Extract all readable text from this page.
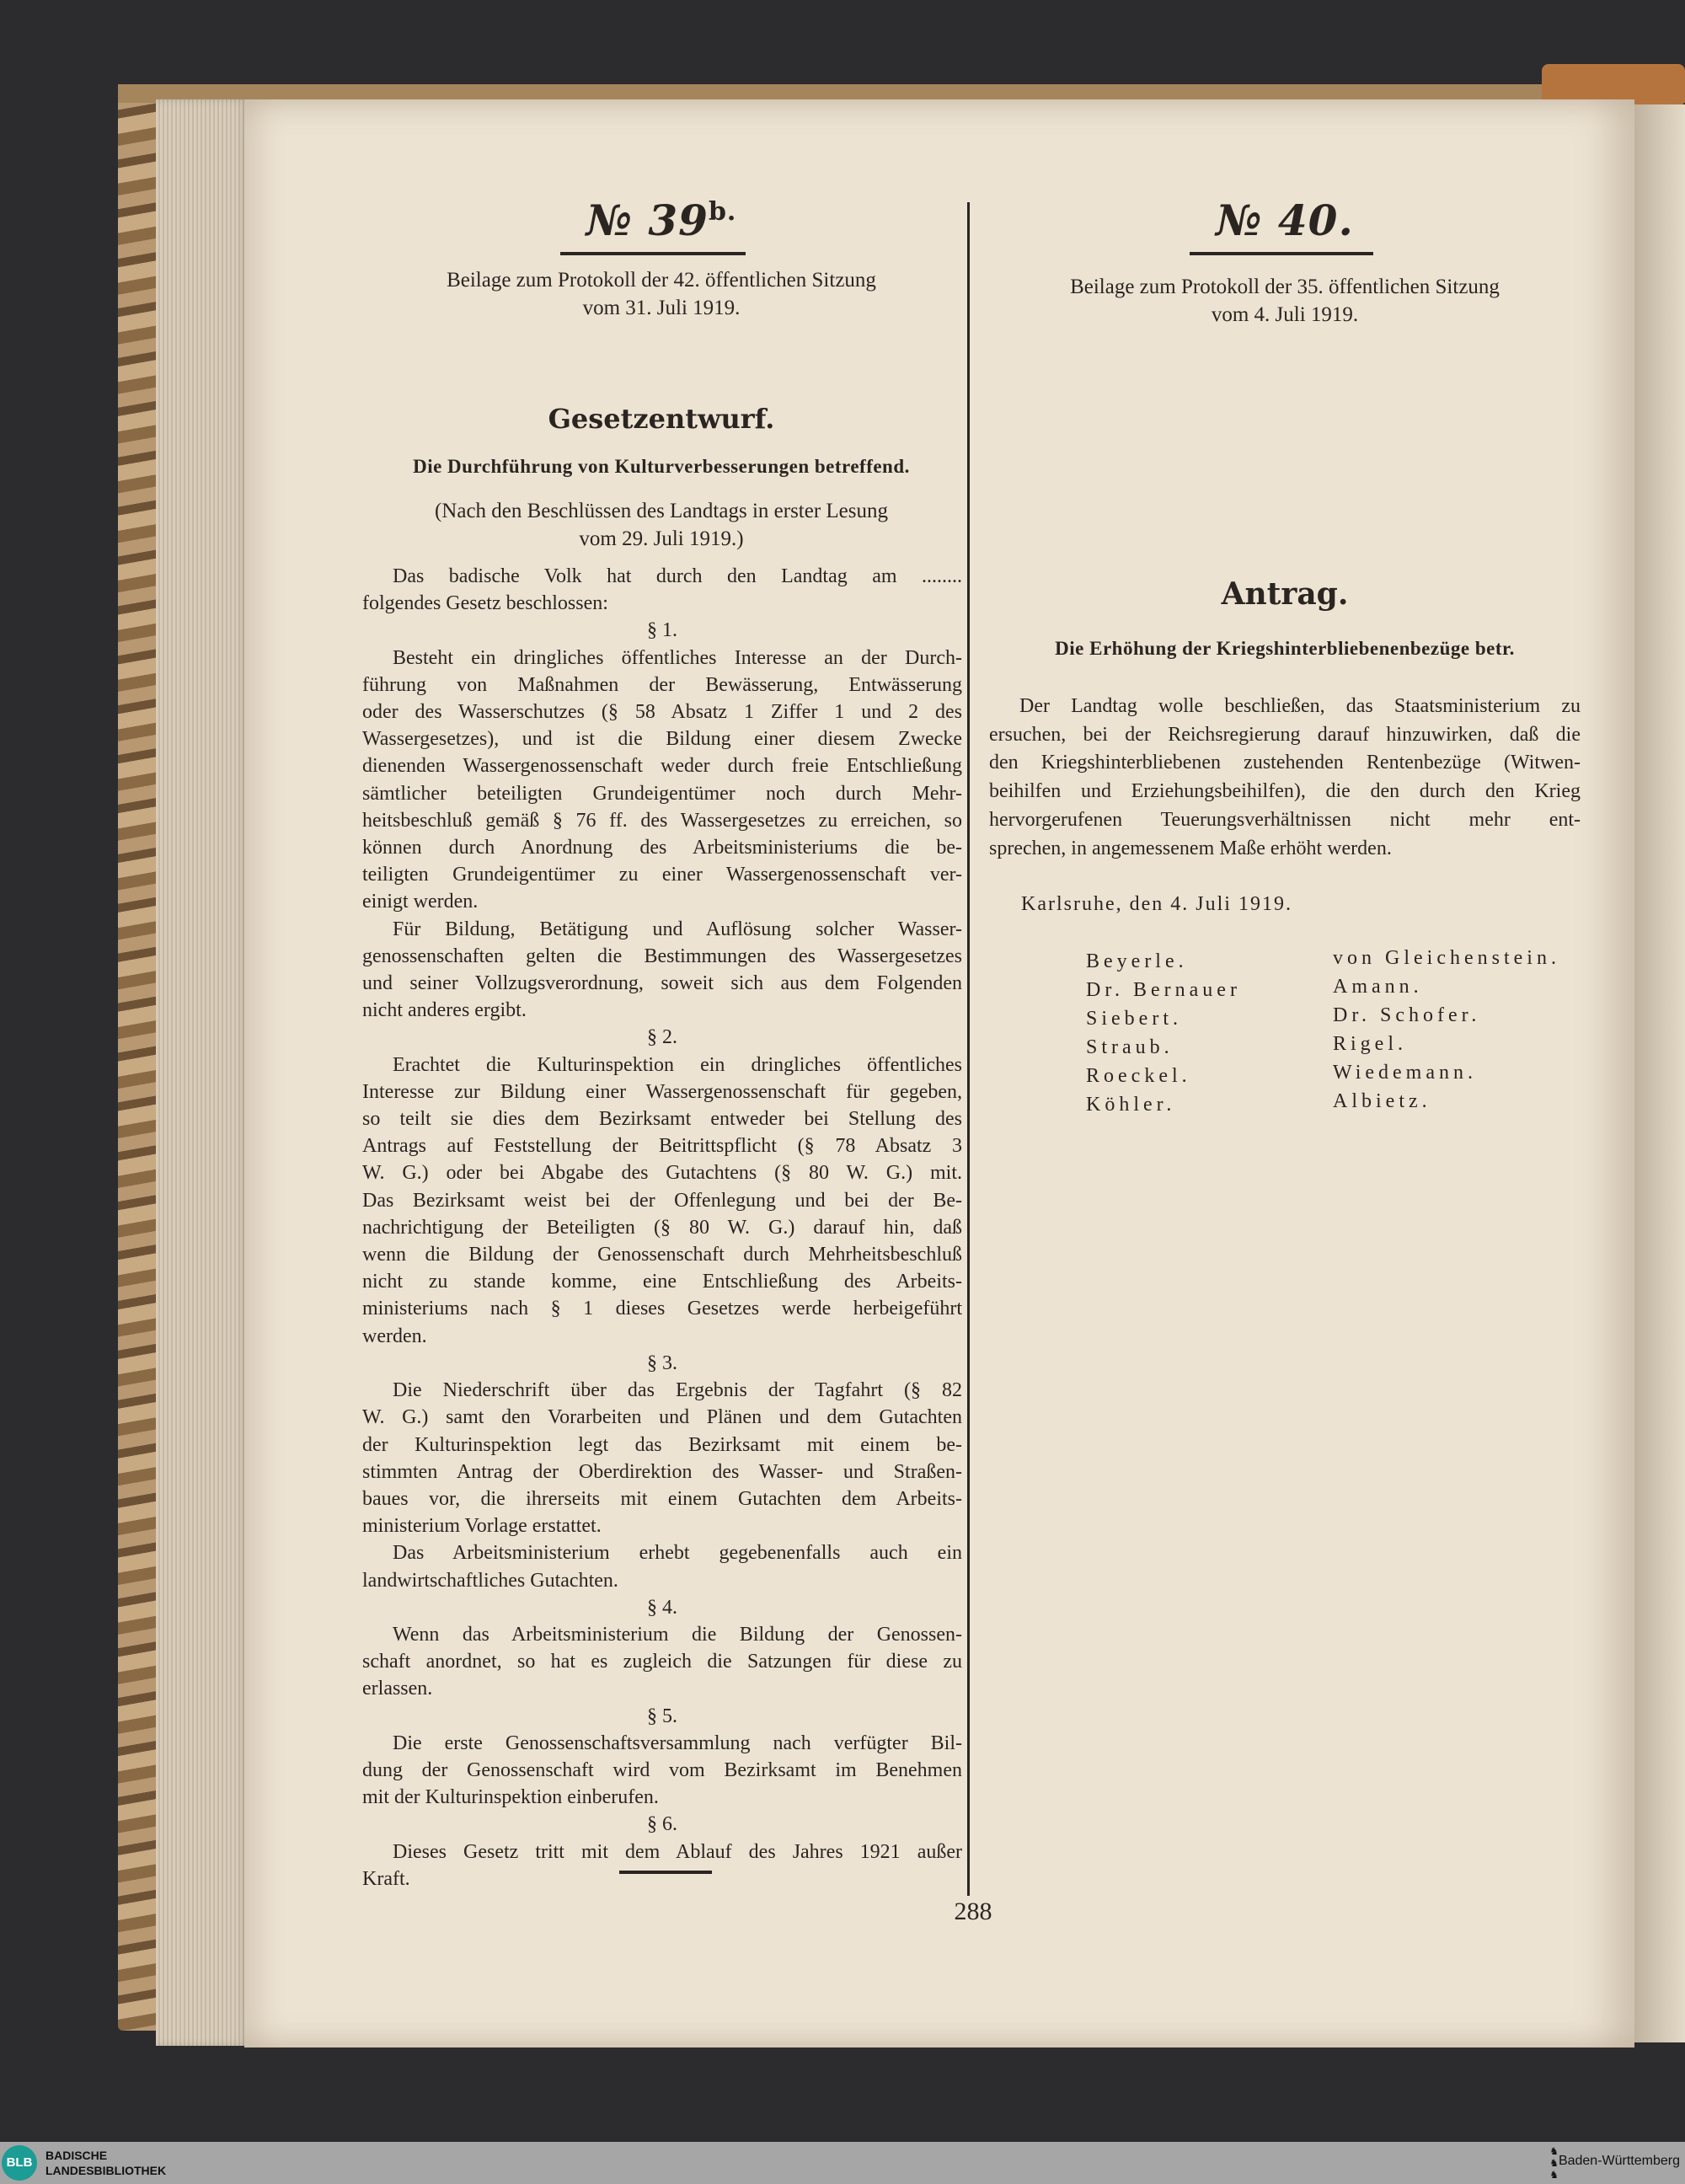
№ $39^{b.}$
Beilage zum Protokoll der 42. öffentlichen Sitzung
vom 31. Juli 1919.
Gesetzentwurf.
Die Durchführung von Kulturverbesserungen betreffend.
(Nach den Beschlüssen des Landtags in erster Lesung
vom 29. Juli 1919.)
Das badische Volk hat durch den Landtag am ........
folgendes Gesetz beschlossen:
§ 1.
Besteht ein dringliches öffentliches Interesse an der Durch-
führung von Maßnahmen der Bewässerung, Entwässerung
oder des Wasserschutzes (§ 58 Absatz 1 Ziffer 1 und 2 des
Wassergesetzes), und ist die Bildung einer diesem Zwecke
dienenden Wassergenossenschaft weder durch freie Entschließung
sämtlicher beteiligten Grundeigentümer noch durch Mehr-
heitsbeschluß gemäß § 76 ff. des Wassergesetzes zu erreichen, so
können durch Anordnung des Arbeitsministeriums die be-
teiligten Grundeigentümer zu einer Wassergenossenschaft ver-
einigt werden.
Für Bildung, Betätigung und Auflösung solcher Wasser-
genossenschaften gelten die Bestimmungen des Wassergesetzes
und seiner Vollzugsverordnung, soweit sich aus dem Folgenden
nicht anderes ergibt.
§ 2.
Erachtet die Kulturinspektion ein dringliches öffentliches
Interesse zur Bildung einer Wassergenossenschaft für gegeben,
so teilt sie dies dem Bezirksamt entweder bei Stellung des
Antrags auf Feststellung der Beitrittspflicht (§ 78 Absatz 3
W. G.) oder bei Abgabe des Gutachtens (§ 80 W. G.) mit.
Das Bezirksamt weist bei der Offenlegung und bei der Be-
nachrichtigung der Beteiligten (§ 80 W. G.) darauf hin, daß
wenn die Bildung der Genossenschaft durch Mehrheitsbeschluß
nicht zu stande komme, eine Entschließung des Arbeits-
ministeriums nach § 1 dieses Gesetzes werde herbeigeführt
werden.
§ 3.
Die Niederschrift über das Ergebnis der Tagfahrt (§ 82
W. G.) samt den Vorarbeiten und Plänen und dem Gutachten
der Kulturinspektion legt das Bezirksamt mit einem be-
stimmten Antrag der Oberdirektion des Wasser- und Straßen-
baues vor, die ihrerseits mit einem Gutachten dem Arbeits-
ministerium Vorlage erstattet.
Das Arbeitsministerium erhebt gegebenenfalls auch ein
landwirtschaftliches Gutachten.
§ 4.
Wenn das Arbeitsministerium die Bildung der Genossen-
schaft anordnet, so hat es zugleich die Satzungen für diese zu
erlassen.
§ 5.
Die erste Genossenschaftsversammlung nach verfügter Bil-
dung der Genossenschaft wird vom Bezirksamt im Benehmen
mit der Kulturinspektion einberufen.
§ 6.
Dieses Gesetz tritt mit dem Ablauf des Jahres 1921 außer
Kraft.
№ 40.
Beilage zum Protokoll der 35. öffentlichen Sitzung
vom 4. Juli 1919.
Antrag.
Die Erhöhung der Kriegshinterbliebenenbezüge betr.
Der Landtag wolle beschließen, das Staatsministerium zu
ersuchen, bei der Reichsregierung darauf hinzuwirken, daß die
den Kriegshinterbliebenen zustehenden Rentenbezüge (Witwen-
beihilfen und Erziehungsbeihilfen), die den durch den Krieg
hervorgerufenen Teuerungsverhältnissen nicht mehr ent-
sprechen, in angemessenem Maße erhöht werden.
Karlsruhe, den 4. Juli 1919.
Beyerle.
Dr. Bernauer
Siebert.
Straub.
Roeckel.
Köhler.
von Gleichenstein.
Amann.
Dr. Schofer.
Rigel.
Wiedemann.
Albietz.
288
BLB	BADISCHE
LANDESBIBLIOTHEK
♞
♞
♞
Baden-Württemberg
